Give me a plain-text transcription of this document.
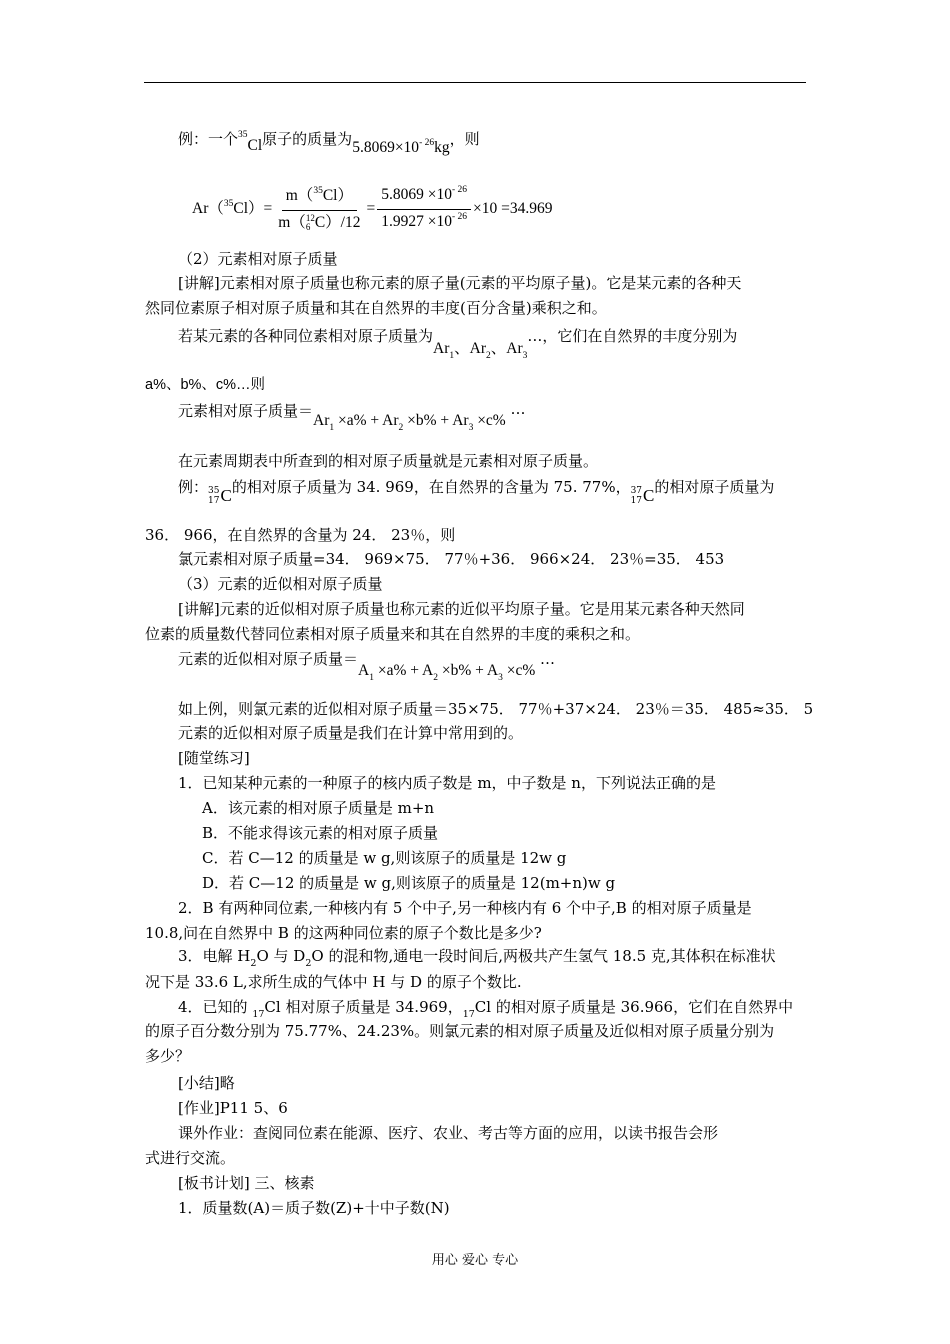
例：一个$^{35}$Cl原子的质量为$5.8069\times 10^{- 26}kg$，则
Ar（$^{35}$Cl）= m（$^{35}$Cl）
m（ 12
6 $C)/12 = \frac{5.8069 \times 10^{- 26}}{1.9927 \times 10^{- 26}} \times 10 =34.969$
（2）元素相对原子质量
[讲解]元素相对原子质量也称元素的原子量(元素的平均原子量)。它是某元素的各种天
然同位素原子相对原子质量和其在自然界的丰度(百分含量)乘积之和。
若某元素的各种同位素相对原子质量为$Ar_1$、$Ar_2$、$Ar_3\dots$，它们在自然界的丰度分别为
a%、b%、c%…则
元素相对原子质量$=Ar_1 \times a\% + Ar_2 \times b\% + Ar_3 \times c\%$ …
在元素周期表中所查到的相对原子质量就是元素相对原子质量。
例： 35
17 C 的相对原子质量为 34. 969，在自然界的含量为 75. 77%， 37
17 C 的相对原子质量为
36． 966，在自然界的含量为 24． 23％，则
氯元素相对原子质量=34． 969×75． 77％+36． 966×24． 23％=35． 453
（3）元素的近似相对原子质量
[讲解]元素的近似相对原子质量也称元素的近似平均原子量。它是用某元素各种天然同
位素的质量数代替同位素相对原子质量来和其在自然界的丰度的乘积之和。
元素的近似相对原子质量$=A_1 \times a\% + A_2 \times b\% + A_3 \times c\%$ …
如上例，则氯元素的近似相对原子质量＝35×75． 77％+37×24． 23％＝35． 485≈35． 5
元素的近似相对原子质量是我们在计算中常用到的。
[随堂练习]
1．已知某种元素的一种原子的核内质子数是 m，中子数是 n，下列说法正确的是
A．该元素的相对原子质量是 m+n
B．不能求得该元素的相对原子质量
C．若 C—12 的质量是 w g,则该原子的质量是 12w g
D．若 C—12 的质量是 w g,则该原子的质量是 12(m+n)w g
2．B 有两种同位素,一种核内有 5 个中子,另一种核内有 6 个中子,B 的相对原子质量是
10.8,问在自然界中 B 的这两种同位素的原子个数比是多少?
3．电解 $H_2O$ 与 $D_2O$ 的混和物,通电一段时间后,两极共产生氢气 18.5 克,其体积在标准状
况下是 33.6 L,求所生成的气体中 H 与 D 的原子个数比.
4．已知的 $_{17}$Cl 相对原子质量是 34.969，$_{17}$Cl 的相对原子质量是 36.966，它们在自然界中
的原子百分数分别为 75.77%、24.23%。则氯元素的相对原子质量及近似相对原子质量分别为
多少？
[小结]略
[作业]P11 5、6
课外作业：查阅同位素在能源、医疗、农业、考古等方面的应用，以读书报告会形
式进行交流。
[板书计划] 三、核素
1．质量数(A)＝质子数(Z)+十中子数(N)
用心 爱心 专心
